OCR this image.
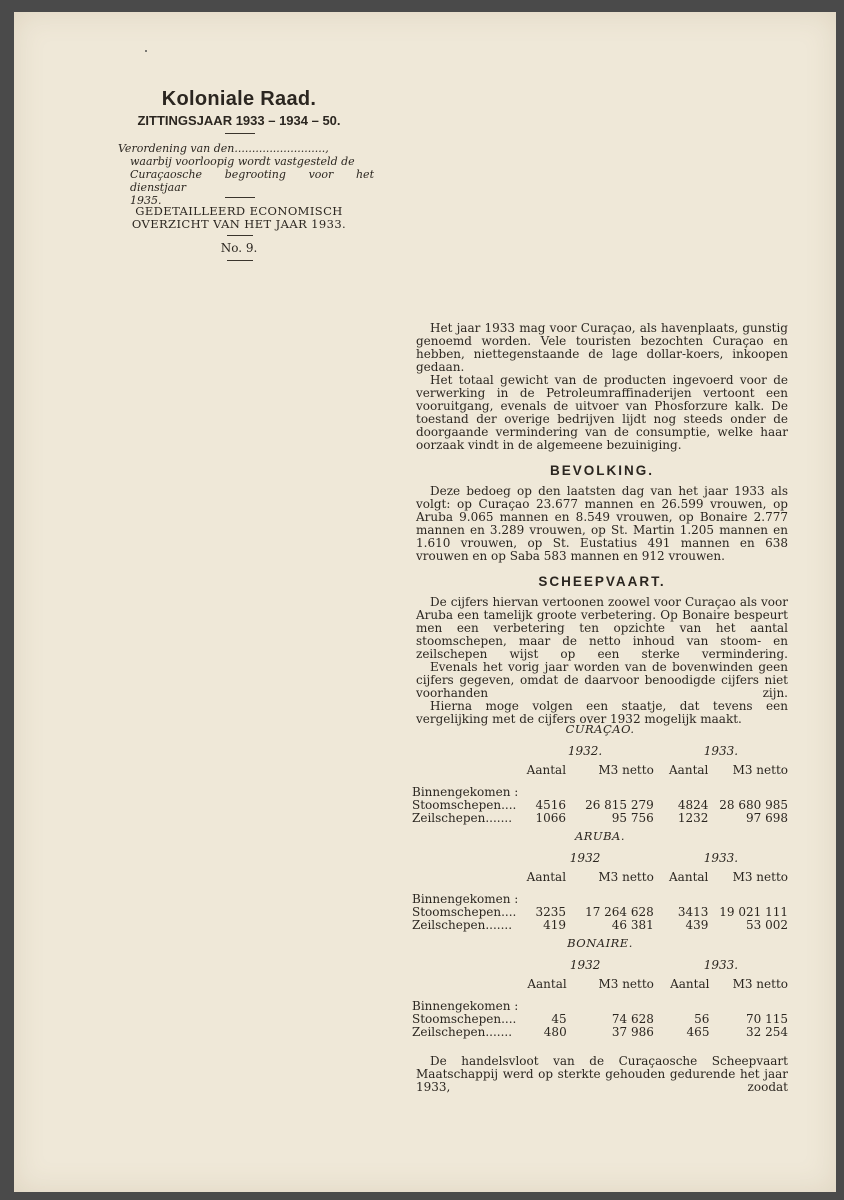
Koloniale Raad.
ZITTINGSJAAR 1933 – 1934 – 50.
Verordening van den..........................,
waarbij voorloopig wordt vastgesteld de
Curaçaosche begrooting voor het dienstjaar
1935.
GEDETAILLEERD ECONOMISCH
OVERZICHT VAN HET JAAR 1933.
No. 9.

Het jaar 1933 mag voor Curaçao, als havenplaats, gunstig genoemd worden. Vele touristen bezochten Curaçao en hebben, niettegenstaande de lage dollar-koers, inkoopen gedaan.

Het totaal gewicht van de producten ingevoerd voor de verwerking in de Petroleumraffinaderijen vertoont een vooruitgang, evenals de uitvoer van Phosforzure kalk. De toestand der overige bedrijven lijdt nog steeds onder de doorgaande vermindering van de consumptie, welke haar oorzaak vindt in de algemeene bezuiniging.

BEVOLKING.

Deze bedoeg op den laatsten dag van het jaar 1933 als volgt: op Curaçao 23.677 mannen en 26.599 vrouwen, op Aruba 9.065 mannen en 8.549 vrouwen, op Bonaire 2.777 mannen en 3.289 vrouwen, op St. Martin 1.205 mannen en 1.610 vrouwen, op St. Eustatius 491 mannen en 638 vrouwen en op Saba 583 mannen en 912 vrouwen.

SCHEEPVAART.

De cijfers hiervan vertoonen zoowel voor Curaçao als voor Aruba een tamelijk groote verbetering. Op Bonaire bespeurt men een verbetering ten opzichte van het aantal stoomschepen, maar de netto inhoud van stoom- en zeilschepen wijst op een sterke vermindering.

Evenals het vorig jaar worden van de bovenwinden geen cijfers gegeven, omdat de daarvoor benoodigde cijfers niet voorhanden zijn.

Hierna moge volgen een staatje, dat tevens een vergelijking met de cijfers over 1932 mogelijk maakt.

CURAÇAO.
	1932.		1933.	
	Aantal	M3 netto	Aantal	M3 netto
Binnengekomen :				
Stoomschepen....	4516	26 815 279	4824	28 680 985
Zeilschepen.......	1066	95 756	1232	97 698
ARUBA.
	1932		1933.	
	Aantal	M3 netto	Aantal	M3 netto
Binnengekomen :				
Stoomschepen....	3235	17 264 628	3413	19 021 111
Zeilschepen.......	419	46 381	439	53 002
BONAIRE.
	1932		1933.	
	Aantal	M3 netto	Aantal	M3 netto
Binnengekomen :				
Stoomschepen....	45	74 628	56	70 115
Zeilschepen.......	480	37 986	465	32 254

De handelsvloot van de Curaçaosche Scheepvaart Maatschappij werd op sterkte gehouden gedurende het jaar 1933, zoodat
